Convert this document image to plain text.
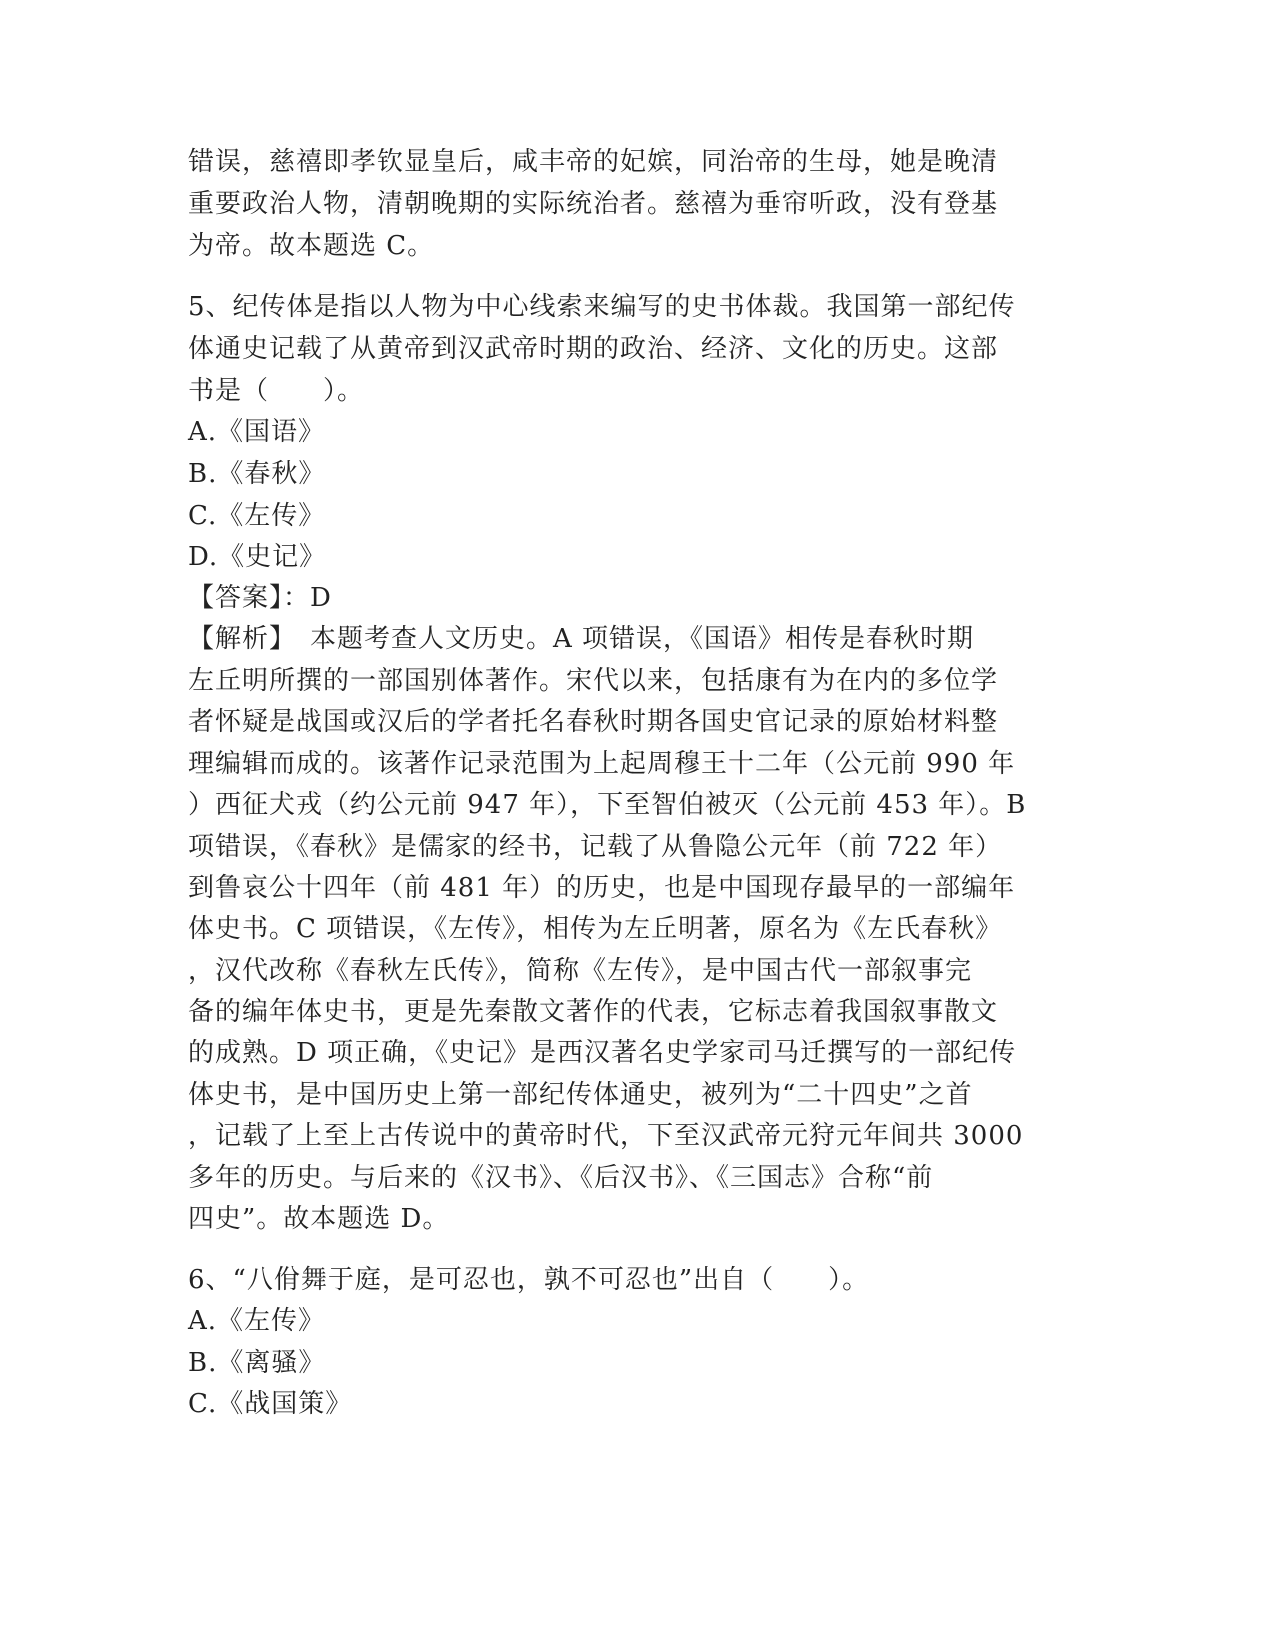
错误，慈禧即孝钦显皇后，咸丰帝的妃嫔，同治帝的生母，她是晚清
重要政治人物，清朝晚期的实际统治者。慈禧为垂帘听政，没有登基
为帝。故本题选 C。
5、纪传体是指以人物为中心线索来编写的史书体裁。我国第一部纪传
体通史记载了从黄帝到汉武帝时期的政治、经济、文化的历史。这部
书是（　　）。
A.《国语》
B.《春秋》
C.《左传》
D.《史记》
【答案】：D
【解析】　本题考查人文历史。A 项错误，《国语》相传是春秋时期
左丘明所撰的一部国别体著作。宋代以来，包括康有为在内的多位学
者怀疑是战国或汉后的学者托名春秋时期各国史官记录的原始材料整
理编辑而成的。该著作记录范围为上起周穆王十二年（公元前 990 年
）西征犬戎（约公元前 947 年），下至智伯被灭（公元前 453 年）。B
项错误，《春秋》是儒家的经书，记载了从鲁隐公元年（前 722 年）
到鲁哀公十四年（前 481 年）的历史，也是中国现存最早的一部编年
体史书。C 项错误，《左传》，相传为左丘明著，原名为《左氏春秋》
，汉代改称《春秋左氏传》，简称《左传》，是中国古代一部叙事完
备的编年体史书，更是先秦散文著作的代表，它标志着我国叙事散文
的成熟。D 项正确，《史记》是西汉著名史学家司马迁撰写的一部纪传
体史书，是中国历史上第一部纪传体通史，被列为“二十四史”之首
，记载了上至上古传说中的黄帝时代，下至汉武帝元狩元年间共 3000
多年的历史。与后来的《汉书》、《后汉书》、《三国志》合称“前
四史”。故本题选 D。
6、“八佾舞于庭，是可忍也，孰不可忍也”出自（　　）。
A.《左传》
B.《离骚》
C.《战国策》
